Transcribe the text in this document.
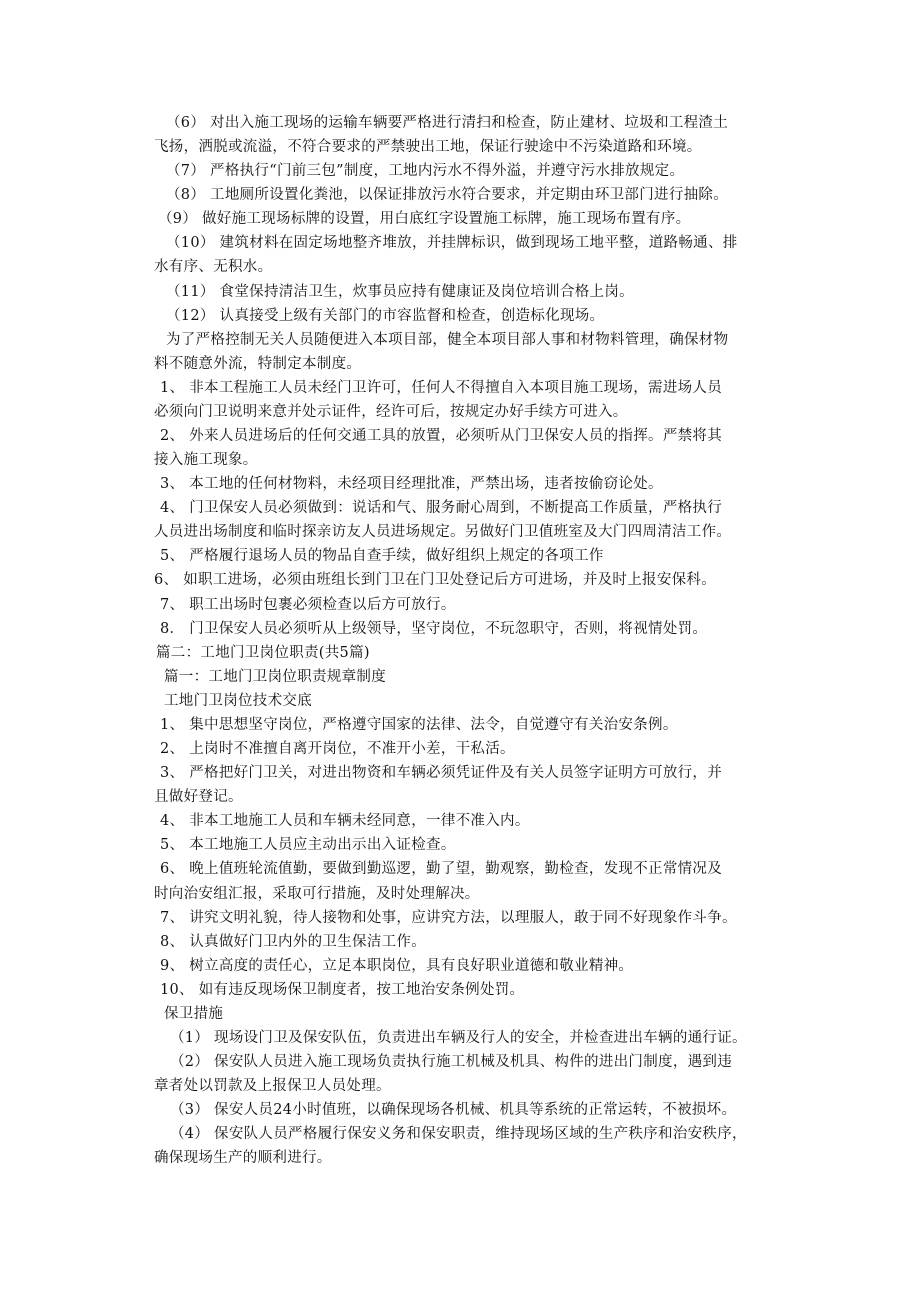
（6） 对出入施工现场的运输车辆要严格进行清扫和检查，防止建材、垃圾和工程渣土
飞扬，洒脱或流溢，不符合要求的严禁驶出工地，保证行驶途中不污染道路和环境。
（7） 严格执行“门前三包”制度，工地内污水不得外溢，并遵守污水排放规定。
（8） 工地厕所设置化粪池，以保证排放污水符合要求，并定期由环卫部门进行抽除。
（9） 做好施工现场标牌的设置，用白底红字设置施工标牌，施工现场布置有序。
（10） 建筑材料在固定场地整齐堆放，并挂牌标识，做到现场工地平整，道路畅通、排
水有序、无积水。
（11） 食堂保持清洁卫生，炊事员应持有健康证及岗位培训合格上岗。
（12） 认真接受上级有关部门的市容监督和检查，创造标化现场。
为了严格控制无关人员随便进入本项目部，健全本项目部人事和材物料管理，确保材物
料不随意外流，特制定本制度。
1、 非本工程施工人员未经门卫许可，任何人不得擅自入本项目施工现场，需进场人员
必须向门卫说明来意并处示证件，经许可后，按规定办好手续方可进入。
2、 外来人员进场后的任何交通工具的放置，必须听从门卫保安人员的指挥。严禁将其
接入施工现象。
3、 本工地的任何材物料，未经项目经理批准，严禁出场，违者按偷窃论处。
4、 门卫保安人员必须做到：说话和气、服务耐心周到，不断提高工作质量，严格执行
人员进出场制度和临时探亲访友人员进场规定。另做好门卫值班室及大门四周清洁工作。
5、 严格履行退场人员的物品自查手续，做好组织上规定的各项工作
6、 如职工进场，必须由班组长到门卫在门卫处登记后方可进场，并及时上报安保科。
7、 职工出场时包裹必须检查以后方可放行。
8． 门卫保安人员必须听从上级领导，坚守岗位，不玩忽职守，否则，将视情处罚。
篇二：工地门卫岗位职责(共5篇)
篇一：工地门卫岗位职责规章制度
工地门卫岗位技术交底
1、 集中思想坚守岗位，严格遵守国家的法律、法令，自觉遵守有关治安条例。
2、 上岗时不准擅自离开岗位，不准开小差，干私活。
3、 严格把好门卫关，对进出物资和车辆必须凭证件及有关人员签字证明方可放行，并
且做好登记。
4、 非本工地施工人员和车辆未经同意，一律不准入内。
5、 本工地施工人员应主动出示出入证检查。
6、 晚上值班轮流值勤，要做到勤巡逻，勤了望，勤观察，勤检查，发现不正常情况及
时向治安组汇报，采取可行措施，及时处理解决。
7、 讲究文明礼貌，待人接物和处事，应讲究方法，以理服人，敢于同不好现象作斗争。
8、 认真做好门卫内外的卫生保洁工作。
9、 树立高度的责任心，立足本职岗位，具有良好职业道德和敬业精神。
10、 如有违反现场保卫制度者，按工地治安条例处罚。
保卫措施
（1） 现场设门卫及保安队伍，负责进出车辆及行人的安全，并检查进出车辆的通行证。
（2） 保安队人员进入施工现场负责执行施工机械及机具、构件的进出门制度，遇到违
章者处以罚款及上报保卫人员处理。
（3） 保安人员24小时值班，以确保现场各机械、机具等系统的正常运转，不被损坏。
（4） 保安队人员严格履行保安义务和保安职责，维持现场区域的生产秩序和治安秩序，
确保现场生产的顺利进行。
